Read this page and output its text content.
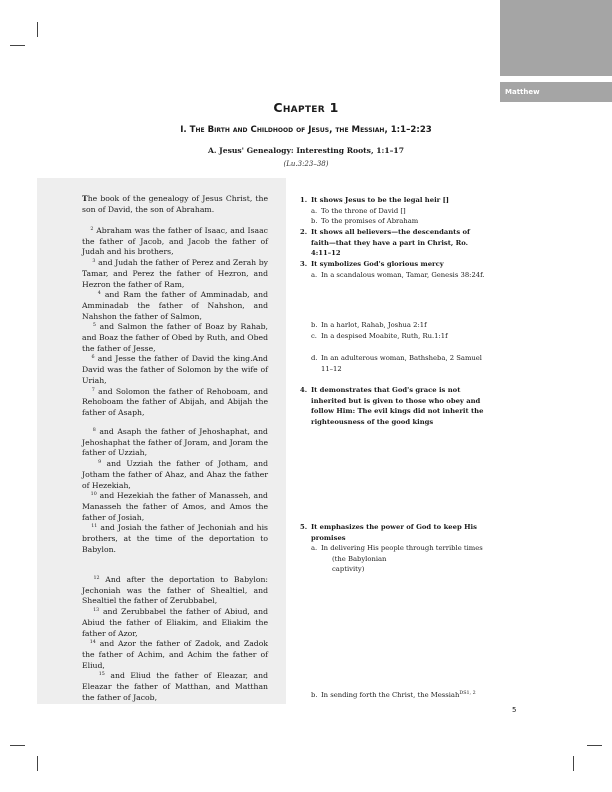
Matthew
Chapter 1
I. The Birth and Childhood of Jesus, the Messiah, 1:1–2:23
A. Jesus' Genealogy: Interesting Roots, 1:1–17
(Lu.3:23–38)
The book of the genealogy of Jesus Christ, the son of David, the son of Abraham.
$^2$ Abraham was the father of Isaac, and Isaac the father of Jacob, and Jacob the father of Judah and his brothers,
$^3$ and Judah the father of Perez and Zerah by Tamar, and Perez the father of Hezron, and Hezron the father of Ram,
$^4$ and Ram the father of Amminadab, and Amminadab the father of Nahshon, and Nahshon the father of Salmon,
$^5$ and Salmon the father of Boaz by Rahab, and Boaz the father of Obed by Ruth, and Obed the father of Jesse,
$^6$ and Jesse the father of David the king.And David was the father of Solomon by the wife of Uriah,
$^7$ and Solomon the father of Rehoboam, and Rehoboam the father of Abijah, and Abijah the father of Asaph,
$^8$ and Asaph the father of Jehoshaphat, and Jehoshaphat the father of Joram, and Joram the father of Uzziah,
$^9$ and Uzziah the father of Jotham, and Jotham the father of Ahaz, and Ahaz the father of Hezekiah,
$^{10}$ and Hezekiah the father of Manasseh, and Manasseh the father of Amos, and Amos the father of Josiah,
$^{11}$ and Josiah the father of Jechoniah and his brothers, at the time of the deportation to Babylon.
$^{12}$ And after the deportation to Babylon: Jechoniah was the father of Shealtiel, and Shealtiel the father of Zerubbabel,
$^{13}$ and Zerubbabel the father of Abiud, and Abiud the father of Eliakim, and Eliakim the father of Azor,
$^{14}$ and Azor the father of Zadok, and Zadok the father of Achim, and Achim the father of Eliud,
$^{15}$ and Eliud the father of Eleazar, and Eleazar the father of Matthan, and Matthan the father of Jacob,
1. It shows Jesus to be the legal heir []
a. To the throne of David []
b. To the promises of Abraham
2. It shows all believers—the descendants of faith—that they have a part in Christ, Ro. 4:11–12
3. It symbolizes God's glorious mercy
a. In a scandalous woman, Tamar, Genesis 38:24f.
b. In a harlot, Rahab, Joshua 2:1f
c. In a despised Moabite, Ruth, Ru.1:1f
d. In an adulterous woman, Bathsheba, 2 Samuel 11–12
4. It demonstrates that God's grace is not inherited but is given to those who obey and follow Him: The evil kings did not inherit the righteousness of the good kings
5. It emphasizes the power of God to keep His promises
a. In delivering His people through terrible times
(the Babylonian
captivity)
b. In sending forth the Christ, the Messiah$^{DS1, 2}$
5
